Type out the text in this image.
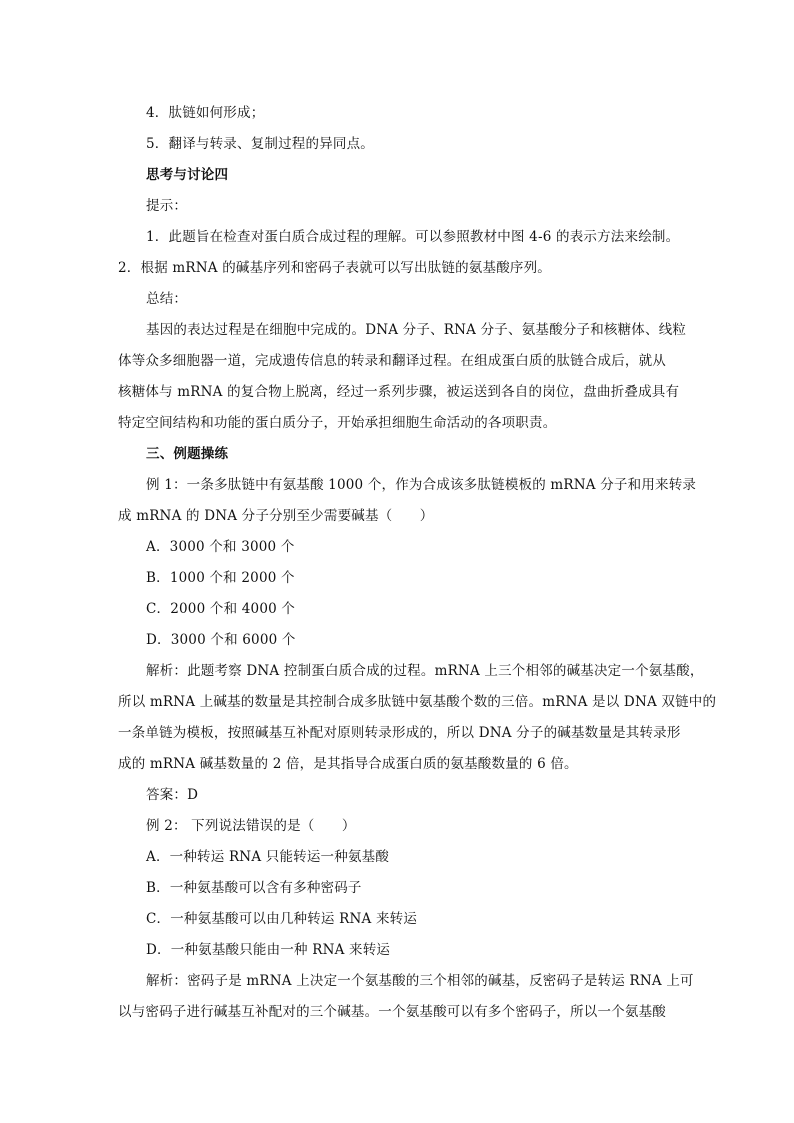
4．肽链如何形成；
5．翻译与转录、复制过程的异同点。
思考与讨论四
提示：
1．此题旨在检查对蛋白质合成过程的理解。可以参照教材中图 4-6 的表示方法来绘制。
2．根据 mRNA 的碱基序列和密码子表就可以写出肽链的氨基酸序列。
总结：
基因的表达过程是在细胞中完成的。DNA 分子、RNA 分子、氨基酸分子和核糖体、线粒
体等众多细胞器一道，完成遗传信息的转录和翻译过程。在组成蛋白质的肽链合成后，就从
核糖体与 mRNA 的复合物上脱离，经过一系列步骤，被运送到各自的岗位，盘曲折叠成具有
特定空间结构和功能的蛋白质分子，开始承担细胞生命活动的各项职责。
三、例题操练
例 1：一条多肽链中有氨基酸 1000 个，作为合成该多肽链模板的 mRNA 分子和用来转录
成 mRNA 的 DNA 分子分别至少需要碱基（　　）
A．3000 个和 3000 个
B．1000 个和 2000 个
C．2000 个和 4000 个
D．3000 个和 6000 个
解析：此题考察 DNA 控制蛋白质合成的过程。mRNA 上三个相邻的碱基决定一个氨基酸，
所以 mRNA 上碱基的数量是其控制合成多肽链中氨基酸个数的三倍。mRNA 是以 DNA 双链中的
一条单链为模板，按照碱基互补配对原则转录形成的，所以 DNA 分子的碱基数量是其转录形
成的 mRNA 碱基数量的 2 倍，是其指导合成蛋白质的氨基酸数量的 6 倍。
答案：D
例 2： 下列说法错误的是（　　）
A．一种转运 RNA 只能转运一种氨基酸
B．一种氨基酸可以含有多种密码子
C．一种氨基酸可以由几种转运 RNA 来转运
D．一种氨基酸只能由一种 RNA 来转运
解析：密码子是 mRNA 上决定一个氨基酸的三个相邻的碱基，反密码子是转运 RNA 上可
以与密码子进行碱基互补配对的三个碱基。一个氨基酸可以有多个密码子，所以一个氨基酸
